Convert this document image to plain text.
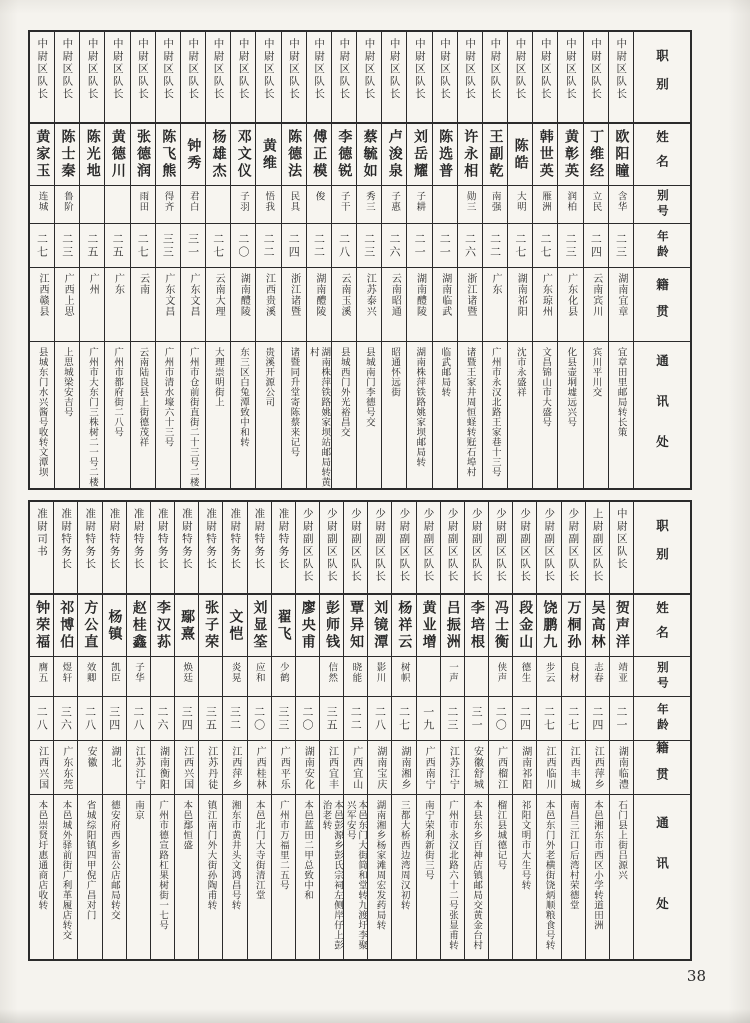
职别
姓名
别号
年龄
籍贯
通讯处
中尉区队长
欧阳瞳
含华
二三
湖南宜章
宜章田里邮局转长策
中尉区队长
丁维经
立民
二四
云南宾川
宾川平川交
中尉区队长
黄彰英
润柏
二三
广东化县
化县壶垌墟远兴号
中尉区队长
韩世英
雁洲
二七
广东琼州
文昌锦山市大盛号
中尉区队长
陈皓
大明
二七
湖南祁阳
沈市永盛祥
中尉区队长
王副乾
南强
二二
广东
广州市永汉北路王家巷十三号
中尉区队长
许永相
勋三
二六
浙江诸暨
诸暨王家井周恒蛏转觃石埠村
中尉区队长
陈选普
二一
湖南临武
临武邮局转
中尉区队长
刘岳耀
子耕
二一
湖南醴陵
湖南株萍铁路姚家坝邮局转
中尉区队长
卢浚泉
子惠
二六
云南昭通
昭通怀远街
中尉区队长
蔡毓如
秀三
二三
江苏泰兴
县城南门李德号交
中尉区队长
李德锐
子干
二八
云南玉溪
县城西门外光裕昌交
中尉区队长
傅正模
俊
二二
湖南醴陵
湖南株萍铁路姚家坝站邮局转黄村
中尉区队长
陈德法
民具
二四
浙江诸暨
诸暨同升堂寄陈蔡来记号
中尉区队长
黄维
悟我
二二
江西贵溪
贵溪开源公司
中尉区队长
邓文仪
子羽
二〇
湖南醴陵
东三区白兔潭致中和转
中尉区队长
杨雄杰
二七
云南大理
大理崇明街上
中尉区队长
钟秀
君白
三一
广东文昌
广州市仓前街直街二十三号二楼
中尉区队长
陈飞熊
得齐
三三
广东文昌
广州市清水壕六十三号
中尉区队长
张德润
雨田
二七
云南
云南陆良县上街德茂祥
中尉区队长
黄德川
二五
广东
广州市都府街二八号
中尉区队长
陈光地
二五
广州
广州市大东门三株树二一号二楼
中尉区队长
陈士秦
鲁阶
二三
广西上思
上思城梁安吉号
中尉区队长
黄家玉
连城
二七
江西赣县
县城东门水兴酱号收转文潭坝
职别
姓名
别号
年龄
籍贯
通讯处
中尉区队长
贺声洋
靖亚
二一
湖南临澧
石门县上街吕源兴
上尉副区队长
吴高林
志春
二四
江西萍乡
本邑湘东市西区小学转道田洲
少尉副区队长
万桐孙
良材
二七
江西丰城
南昌三江口后湾村荣德堂
少尉副区队长
饶鹏九
步云
二七
江西临川
本邑东门外老横街饶炳顺粮食号转
少尉副区队长
段金山
德生
二四
湖南祁阳
祁阳文明市大生号转
少尉副区队长
冯士衡
侠声
二〇
广西榴江
榴江县城德记号
少尉副区队长
李培根
三一
安徽舒城
本县东乡百神店镇邮局交黄金台村
少尉副区队长
吕振洲
一声
二三
江苏江宁
广州市永汉北路六十二号张显甫转
少尉副区队长
黄业增
一九
广西南宁
南宁荣利新街三号
少尉副区队长
杨祥云
树帜
二七
湖南湘乡
三都大桥西边湾周汉初转
少尉副区队长
刘镜潭
影川
二八
湖南宝庆
湖南湘乡杨家滩周宏发药局转
少尉副区队长
覃异知
晓能
二二
广西宜山
本邑东门大街简和堂转九渡圩李聚兴军安号
少尉副区队长
彭师钱
信然
三五
江西宜丰
本邑彭源乡彭氏宗祠左侧岸仔上彭治老转
少尉副区队长
廖央甫
二〇
湖南安化
本邑蓝田二甲总致中和
准尉特务长
翟飞
少鹤
三三
广西平乐
广州市万福里二五号
准尉特务长
刘显筌
应和
二〇
广西桂林
本邑北门大寺街清江堂
准尉特务长
文恺
炎晃
三二
江西萍乡
湘东市黄井头文鸿昌号转
准尉特务长
张子荣
三五
江苏丹徒
镇江南门外大街孙陶甫转
准尉特务长
鄢熹
焕廷
三四
江西兴国
本邑鄢恒盛
准尉特务长
李汉荪
二六
湖南衡阳
广州市德宣路杠果树街一七号
准尉特务长
赵桂鑫
子华
二八
江苏江宁
南京
准尉特务长
杨镇
凯臣
三四
湖北
德安府西乡雷公店邮局转交
准尉特务长
方公直
效卿
二八
安徽
省城综阳镇四甲倪广昌对门
准尉特务长
祁博伯
煜轩
三六
广东东莞
本邑城外驿前街广利革履店转交
准尉司书
钟荣福
膺五
二八
江西兴国
本邑崇贤圩惠通商店收转
38
